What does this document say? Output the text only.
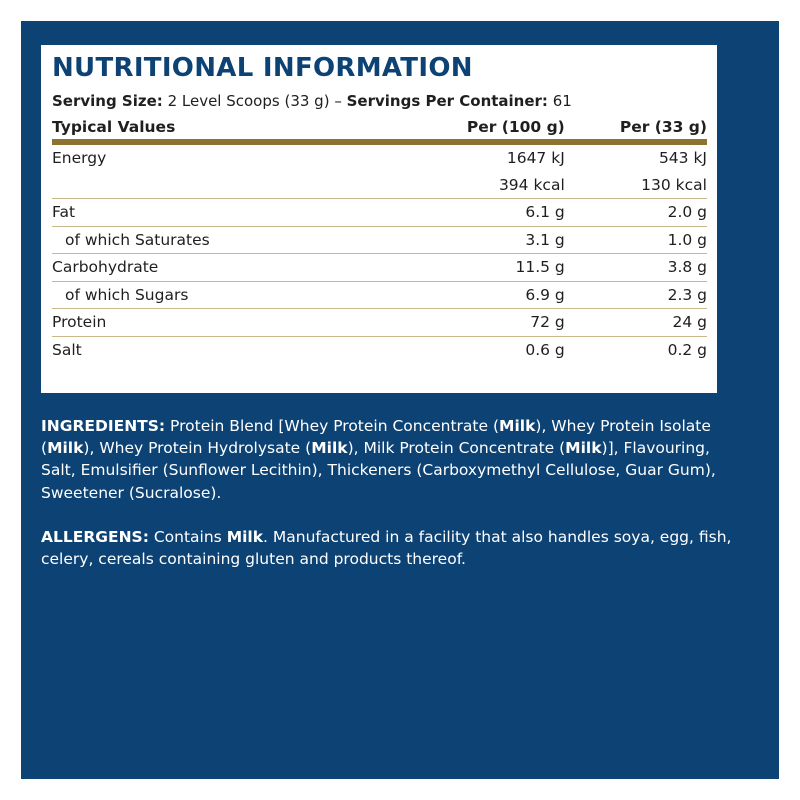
NUTRITIONAL INFORMATION
Serving Size: 2 Level Scoops (33 g) – Servings Per Container: 61
Typical Values	Per (100 g)	Per (33 g)
Energy	1647 kJ	543 kJ
	394 kcal	130 kcal
Fat	6.1 g	2.0 g
of which Saturates	3.1 g	1.0 g
Carbohydrate	11.5 g	3.8 g
of which Sugars	6.9 g	2.3 g
Protein	72 g	24 g
Salt	0.6 g	0.2 g
INGREDIENTS: Protein Blend [Whey Protein Concentrate (Milk), Whey Protein Isolate (Milk), Whey Protein Hydrolysate (Milk), Milk Protein Concentrate (Milk)], Flavouring, Salt, Emulsifier (Sunflower Lecithin), Thickeners (Carboxymethyl Cellulose, Guar Gum), Sweetener (Sucralose).
ALLERGENS: Contains Milk. Manufactured in a facility that also handles soya, egg, fish, celery, cereals containing gluten and products thereof.
